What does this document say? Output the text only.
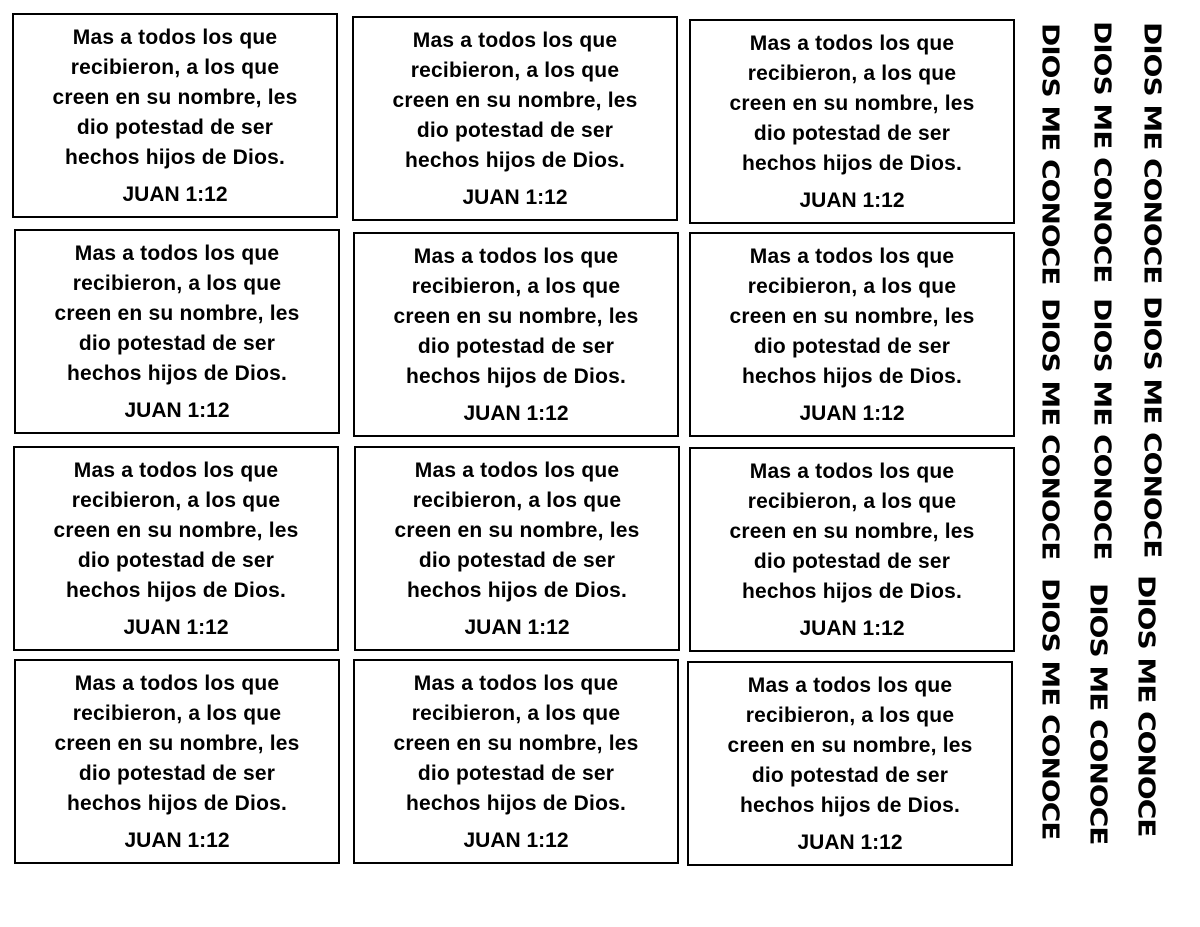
Mas a todos los que
recibieron, a los que
creen en su nombre, les
dio potestad de ser
hechos hijos de Dios.
JUAN 1:12
Mas a todos los que
recibieron, a los que
creen en su nombre, les
dio potestad de ser
hechos hijos de Dios.
JUAN 1:12
Mas a todos los que
recibieron, a los que
creen en su nombre, les
dio potestad de ser
hechos hijos de Dios.
JUAN 1:12
Mas a todos los que
recibieron, a los que
creen en su nombre, les
dio potestad de ser
hechos hijos de Dios.
JUAN 1:12
Mas a todos los que
recibieron, a los que
creen en su nombre, les
dio potestad de ser
hechos hijos de Dios.
JUAN 1:12
Mas a todos los que
recibieron, a los que
creen en su nombre, les
dio potestad de ser
hechos hijos de Dios.
JUAN 1:12
Mas a todos los que
recibieron, a los que
creen en su nombre, les
dio potestad de ser
hechos hijos de Dios.
JUAN 1:12
Mas a todos los que
recibieron, a los que
creen en su nombre, les
dio potestad de ser
hechos hijos de Dios.
JUAN 1:12
Mas a todos los que
recibieron, a los que
creen en su nombre, les
dio potestad de ser
hechos hijos de Dios.
JUAN 1:12
Mas a todos los que
recibieron, a los que
creen en su nombre, les
dio potestad de ser
hechos hijos de Dios.
JUAN 1:12
Mas a todos los que
recibieron, a los que
creen en su nombre, les
dio potestad de ser
hechos hijos de Dios.
JUAN 1:12
Mas a todos los que
recibieron, a los que
creen en su nombre, les
dio potestad de ser
hechos hijos de Dios.
JUAN 1:12
DIOS ME CONOCE DIOS ME CONOCE DIOS ME CONOCE
DIOS ME CONOCE DIOS ME CONOCE DIOS ME CONOCE
DIOS ME CONOCE DIOS ME CONOCE DIOS ME CONOCE
